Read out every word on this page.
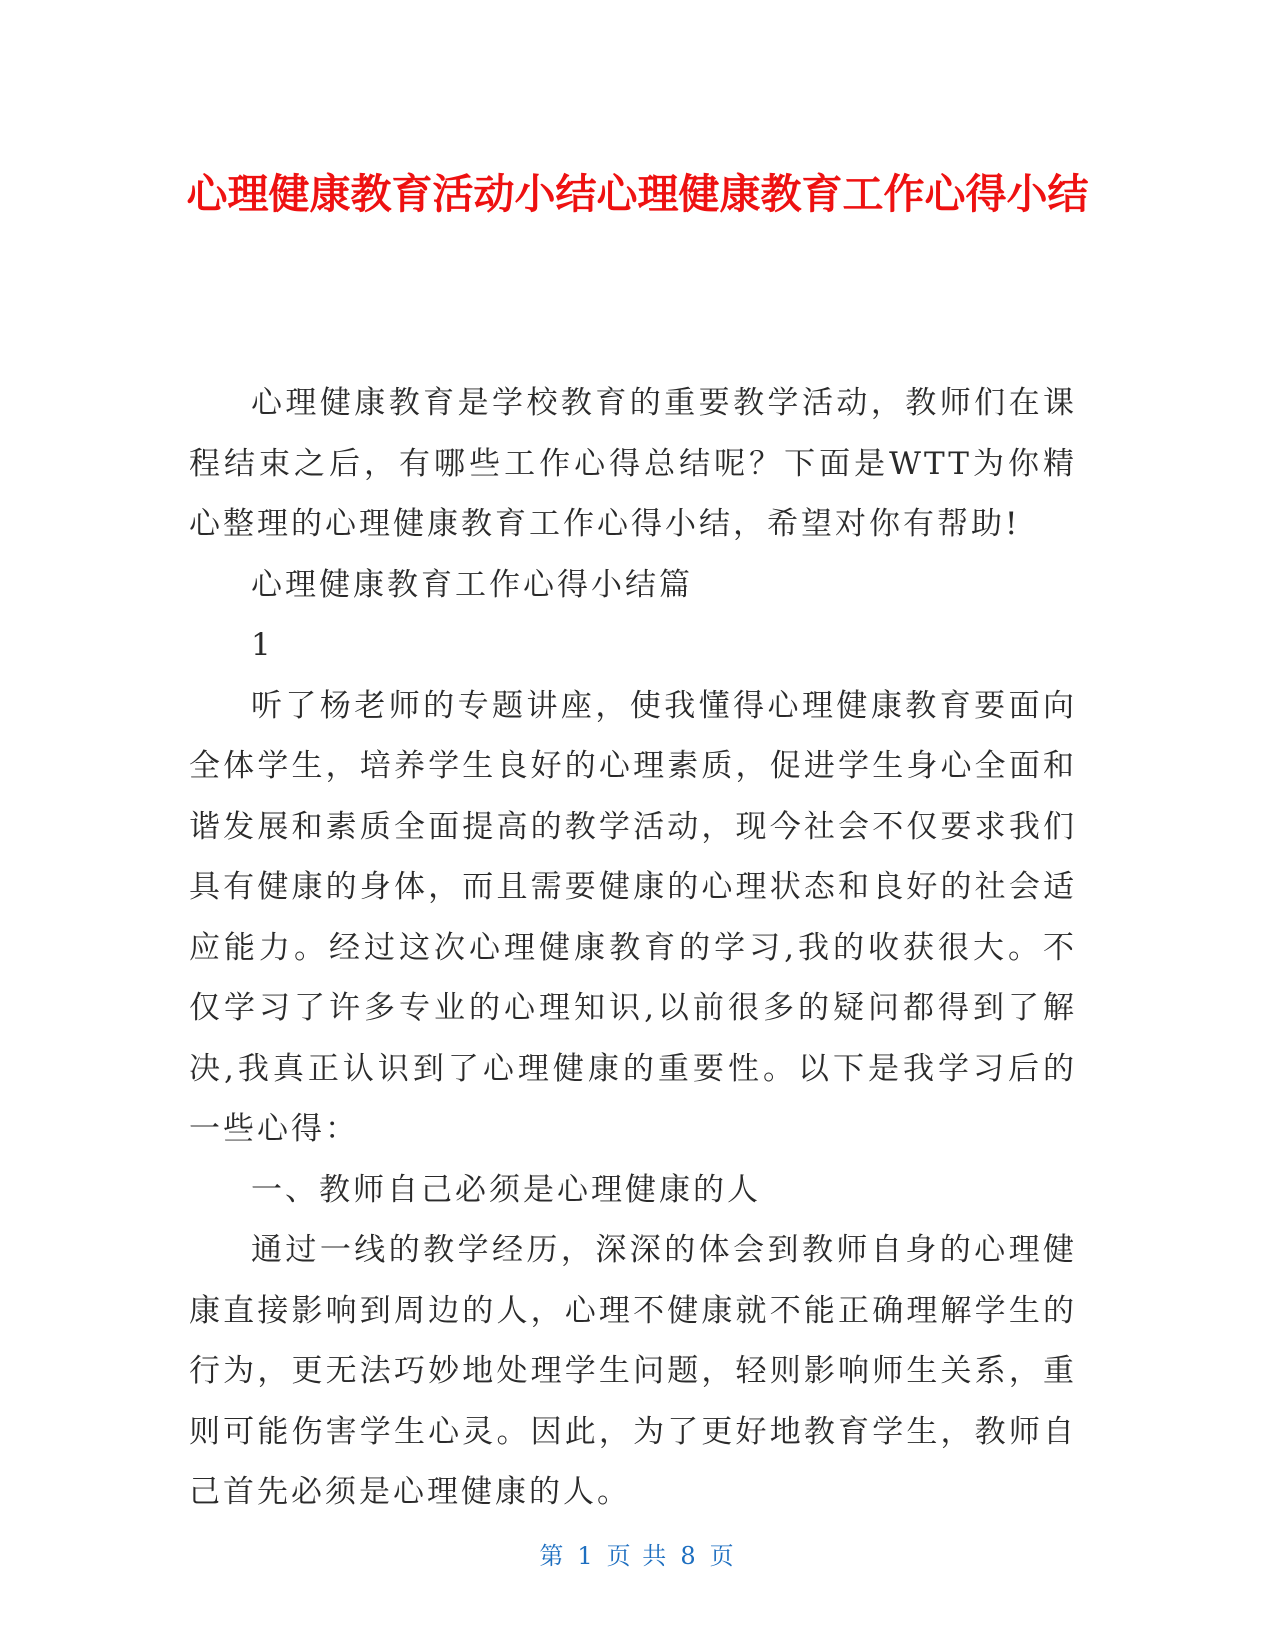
心理健康教育活动小结心理健康教育工作心得小结

心理健康教育是学校教育的重要教学活动，教师们在课程结束之后，有哪些工作心得总结呢？下面是WTT为你精心整理的心理健康教育工作心得小结，希望对你有帮助!

心理健康教育工作心得小结篇

1

听了杨老师的专题讲座，使我懂得心理健康教育要面向全体学生，培养学生良好的心理素质，促进学生身心全面和谐发展和素质全面提高的教学活动，现今社会不仅要求我们具有健康的身体，而且需要健康的心理状态和良好的社会适应能力。经过这次心理健康教育的学习,我的收获很大。不仅学习了许多专业的心理知识,以前很多的疑问都得到了解决,我真正认识到了心理健康的重要性。以下是我学习后的一些心得：

一、教师自己必须是心理健康的人

通过一线的教学经历，深深的体会到教师自身的心理健康直接影响到周边的人，心理不健康就不能正确理解学生的行为，更无法巧妙地处理学生问题，轻则影响师生关系，重则可能伤害学生心灵。因此，为了更好地教育学生，教师自己首先必须是心理健康的人。

第 1 页 共 8 页
